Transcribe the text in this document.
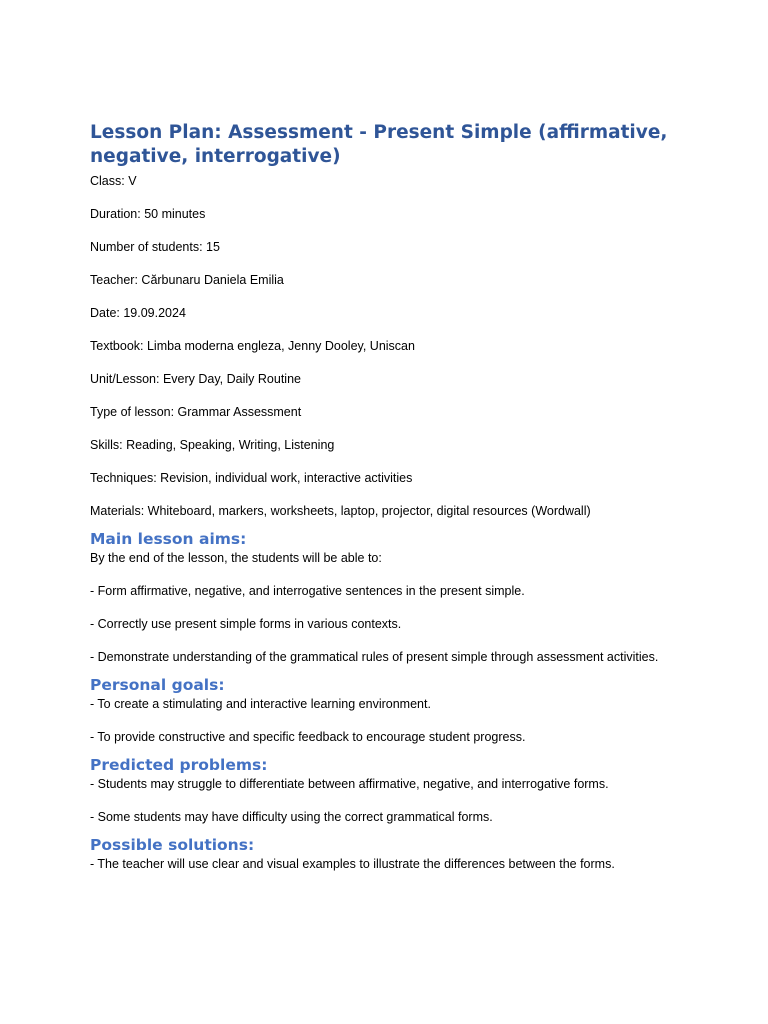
Lesson Plan: Assessment - Present Simple (affirmative, negative, interrogative)

Class: V

Duration: 50 minutes

Number of students: 15

Teacher: Cărbunaru Daniela Emilia

Date: 19.09.2024

Textbook: Limba moderna engleza, Jenny Dooley, Uniscan

Unit/Lesson: Every Day, Daily Routine

Type of lesson: Grammar Assessment

Skills: Reading, Speaking, Writing, Listening

Techniques: Revision, individual work, interactive activities

Materials: Whiteboard, markers, worksheets, laptop, projector, digital resources (Wordwall)

Main lesson aims:

By the end of the lesson, the students will be able to:

- Form affirmative, negative, and interrogative sentences in the present simple.

- Correctly use present simple forms in various contexts.

- Demonstrate understanding of the grammatical rules of present simple through assessment activities.

Personal goals:

- To create a stimulating and interactive learning environment.

- To provide constructive and specific feedback to encourage student progress.

Predicted problems:

- Students may struggle to differentiate between affirmative, negative, and interrogative forms.

- Some students may have difficulty using the correct grammatical forms.

Possible solutions:

- The teacher will use clear and visual examples to illustrate the differences between the forms.
